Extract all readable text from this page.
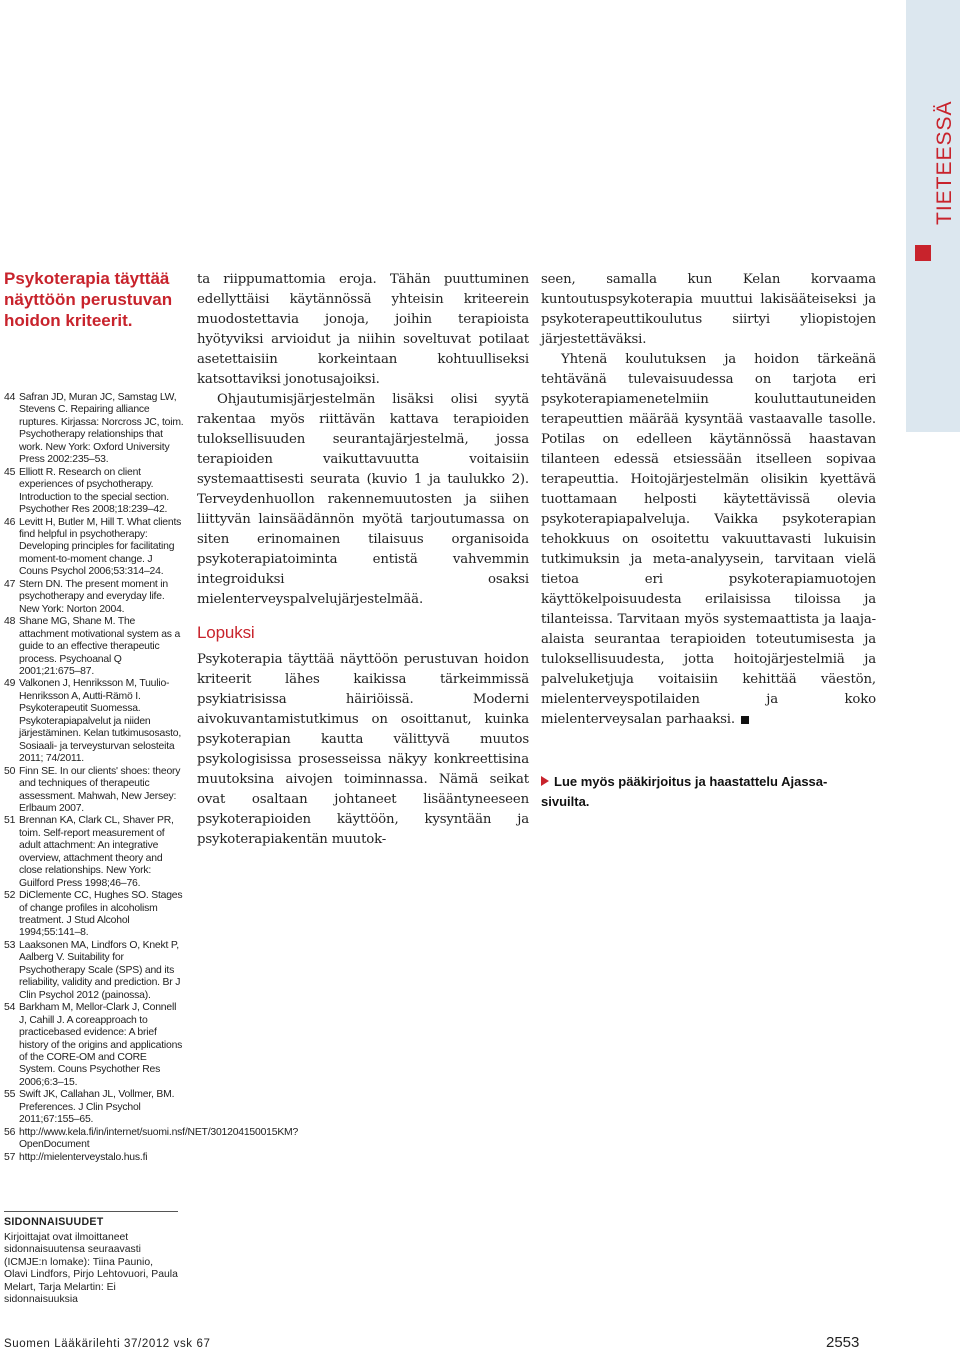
TIETEESSÄ
Psykoterapia täyttää näyttöön perustuvan hoidon kriteerit.
44 Safran JD, Muran JC, Samstag LW, Stevens C. Repairing alliance ruptures. Kirjassa: Norcross JC, toim. Psychotherapy relationships that work. New York: Oxford University Press 2002:235–53.
45 Elliott R. Research on client experiences of psychotherapy. Introduction to the special section. Psychother Res 2008;18:239–42.
46 Levitt H, Butler M, Hill T. What clients find helpful in psychotherapy: Developing principles for facilitating moment-to-moment change. J Couns Psychol 2006;53:314–24.
47 Stern DN. The present moment in psychotherapy and everyday life. New York: Norton 2004.
48 Shane MG, Shane M. The attachment motivational system as a guide to an effective therapeutic process. Psychoanal Q 2001;21:675–87.
49 Valkonen J, Henriksson M, Tuulio-Henriksson A, Autti-Rämö I. Psykoterapeutit Suomessa. Psykoterapiapalvelut ja niiden järjestäminen. Kelan tutkimusosasto, Sosiaali- ja terveysturvan selosteita 2011; 74/2011.
50 Finn SE. In our clients' shoes: theory and techniques of therapeutic assessment. Mahwah, New Jersey: Erlbaum 2007.
51 Brennan KA, Clark CL, Shaver PR, toim. Self-report measurement of adult attachment: An integrative overview, attachment theory and close relationships. New York: Guilford Press 1998;46–76.
52 DiClemente CC, Hughes SO. Stages of change profiles in alcoholism treatment. J Stud Alcohol 1994;55:141–8.
53 Laaksonen MA, Lindfors O, Knekt P, Aalberg V. Suitability for Psychotherapy Scale (SPS) and its reliability, validity and prediction. Br J Clin Psychol 2012 (painossa).
54 Barkham M, Mellor-Clark J, Connell J, Cahill J. A coreapproach to practicebased evidence: A brief history of the origins and applications of the CORE-OM and CORE System. Couns Psychother Res 2006;6:3–15.
55 Swift JK, Callahan JL, Vollmer, BM. Preferences. J Clin Psychol 2011;67:155–65.
56 http://www.kela.fi/in/internet/suomi.nsf/NET/301204150015KM?OpenDocument
57 http://mielenterveystalo.hus.fi
SIDONNAISUUDET
Kirjoittajat ovat ilmoittaneet sidonnaisuutensa seuraavasti (ICMJE:n lomake): Tiina Paunio, Olavi Lindfors, Pirjo Lehtovuori, Paula Melart, Tarja Melartin: Ei sidonnaisuuksia

ta riippumattomia eroja. Tähän puuttuminen edellyttäisi käytännössä yhteisin kriteerein muodostettavia jonoja, joihin terapioista hyötyviksi arvioidut ja niihin soveltuvat potilaat asetettaisiin korkeintaan kohtuulliseksi katsottaviksi jonotusajoiksi.

Ohjautumisjärjestelmän lisäksi olisi syytä rakentaa myös riittävän kattava terapioiden tuloksellisuuden seurantajärjestelmä, jossa terapioiden vaikuttavuutta voitaisiin systemaattisesti seurata (kuvio 1 ja taulukko 2). Terveydenhuollon rakennemuutosten ja siihen liittyvän lainsäädännön myötä tarjoutumassa on siten erinomainen tilaisuus organisoida psykoterapiatoiminta entistä vahvemmin integroiduksi osaksi mielenterveyspalvelujärjestelmää.

Lopuksi

Psykoterapia täyttää näyttöön perustuvan hoidon kriteerit lähes kaikissa tärkeimmissä psykiatrisissa häiriöissä. Moderni aivokuvantamistutkimus on osoittanut, kuinka psykoterapian kautta välittyvä muutos psykologisissa prosesseissa näkyy konkreettisina muutoksina aivojen toiminnassa. Nämä seikat ovat osaltaan johtaneet lisääntyneeseen psykoterapioiden käyttöön, kysyntään ja psykoterapiakentän muutok-

seen, samalla kun Kelan korvaama kuntoutuspsykoterapia muuttui lakisääteiseksi ja psykoterapeuttikoulutus siirtyi yliopistojen järjestettäväksi.

Yhtenä koulutuksen ja hoidon tärkeänä tehtävänä tulevaisuudessa on tarjota eri psykoterapiamenetelmiin kouluttautuneiden terapeuttien määrää kysyntää vastaavalle tasolle. Potilas on edelleen käytännössä haastavan tilanteen edessä etsiessään itselleen sopivaa terapeuttia. Hoitojärjestelmän olisikin kyettävä tuottamaan helposti käytettävissä olevia psykoterapiapalveluja. Vaikka psykoterapian tehokkuus on osoitettu vakuuttavasti lukuisin tutkimuksin ja meta-analyysein, tarvitaan vielä tietoa eri psykoterapiamuotojen käyttökelpoisuudesta erilaisissa tiloissa ja tilanteissa. Tarvitaan myös systemaattista ja laaja-alaista seurantaa terapioiden toteutumisesta ja tuloksellisuudesta, jotta hoitojärjestelmiä ja palveluketjuja voitaisiin kehittää väestön, mielenterveyspotilaiden ja koko mielenterveysalan parhaaksi.

Lue myös pääkirjoitus ja haastattelu Ajassa-sivuilta.
Suomen Lääkärilehti 37/2012 vsk 67	2553
